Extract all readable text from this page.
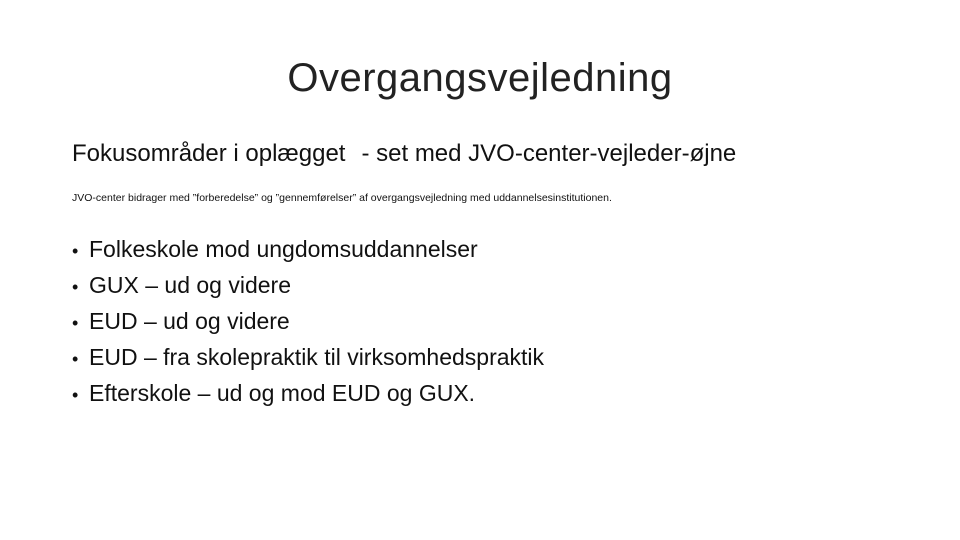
Overgangsvejledning
Fokusområder i oplægget - set med JVO-center-vejleder-øjne
JVO-center bidrager med ”forberedelse” og ”gennemførelser” af overgangsvejledning med uddannelsesinstitutionen.
• Folkeskole mod ungdomsuddannelser
• GUX – ud og videre
• EUD – ud og videre
• EUD – fra skolepraktik til virksomhedspraktik
• Efterskole – ud og mod EUD og GUX.
